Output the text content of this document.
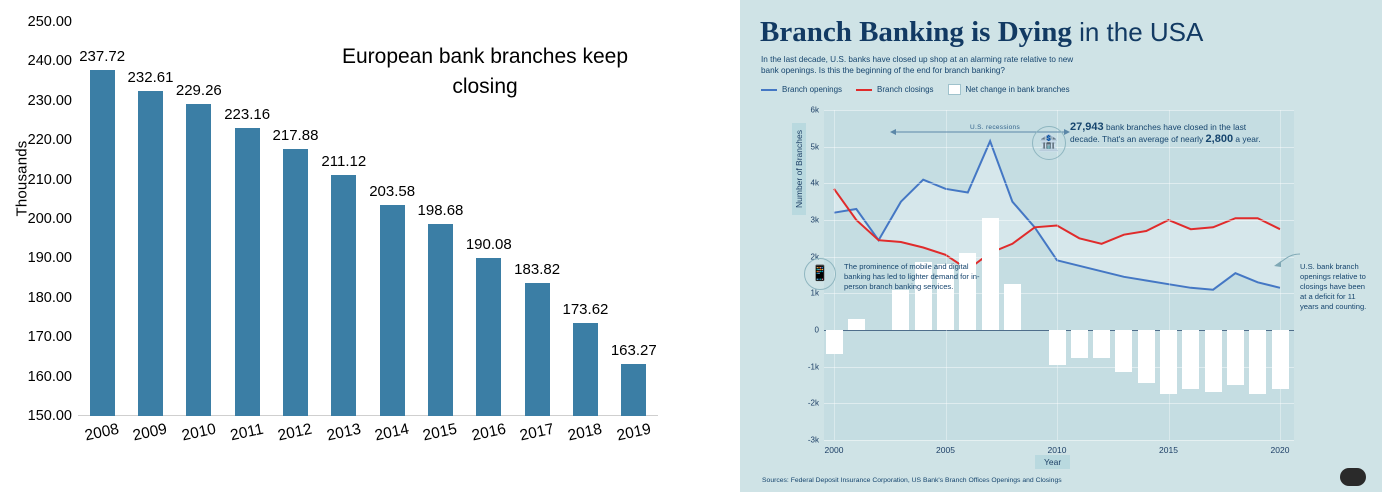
Thousands
European bank branches keep closing
237.72
232.61
229.26
223.16
217.88
211.12
203.58
198.68
190.08
183.82
173.62
163.27
250.00
240.00
230.00
220.00
210.00
200.00
190.00
180.00
170.00
160.00
150.00
2008 2009 2010 2011 2012 2013 2014 2015 2016 2017 2018 2019
Branch Banking is Dying in the USA
In the last decade, U.S. banks have closed up shop at an alarming rate relative to new bank openings. Is this the beginning of the end for branch banking?
Branch openings	Branch closings	Net change in bank branches
Number of Branches
Year
6k
5k
4k
3k
2k
1k
0
-1k
-2k
-3k
2000	2005	2010	2015	2020
U.S. recessions
🏦
27,943 bank branches have closed in the last decade. That's an average of nearly 2,800 a year.
U.S. bank branch openings relative to closings have been at a deficit for 11 years and counting.
📱	The prominence of mobile and digital banking has led to lighter demand for in-person branch banking services.
Sources: Federal Deposit Insurance Corporation, US Bank's Branch Offices Openings and Closings
